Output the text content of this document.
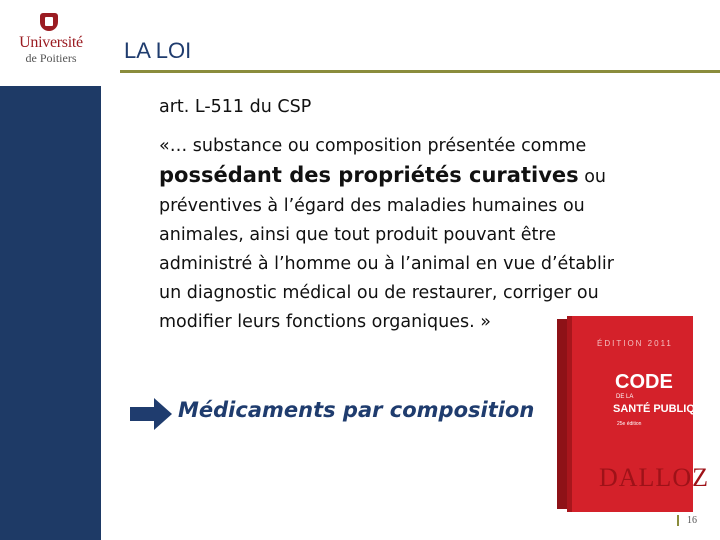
Université
de Poitiers	LA LOI
art. L-511 du CSP
«… substance ou composition présentée comme
possédant des propriétés curatives ou
préventives à l’égard des maladies humaines ou
animales, ainsi que tout produit pouvant être
administré à l’homme ou à l’animal en vue d’établir
un diagnostic médical ou de restaurer, corriger ou
modifier leurs fonctions organiques. »
Médicaments par composition
ÉDITION 2011
CODE
DE LA
SANTÉ PUBLIQUE
25e édition
DALLOZ
16
